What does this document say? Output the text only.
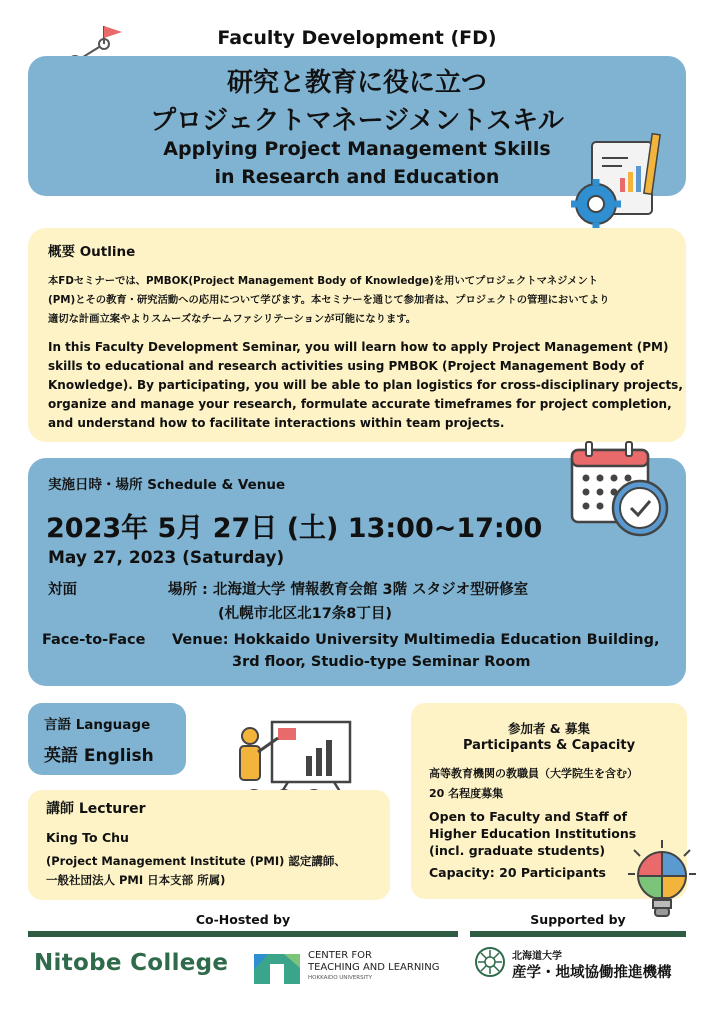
Faculty Development (FD)
研究と教育に役に立つ
プロジェクトマネージメントスキル
Applying Project Management Skills
in Research and Education
概要 Outline
本FDセミナーでは、PMBOK(Project Management Body of Knowledge)を用いてプロジェクトマネジメント
(PM)とその教育・研究活動への応用について学びます。本セミナーを通じて参加者は、プロジェクトの管理においてより
適切な計画立案やよりスムーズなチームファシリテーションが可能になります。
In this Faculty Development Seminar, you will learn how to apply Project Management (PM)
skills to educational and research activities using PMBOK (Project Management Body of
Knowledge). By participating, you will be able to plan logistics for cross-disciplinary projects,
organize and manage your research, formulate accurate timeframes for project completion,
and understand how to facilitate interactions within team projects.
実施日時・場所 Schedule & Venue
2023年 5月 27日 (土) 13:00~17:00
May 27, 2023 (Saturday)
対面	場所 : 北海道大学 情報教育会館 3階 スタジオ型研修室
(札幌市北区北17条8丁目)
Face-to-Face Venue: Hokkaido University Multimedia Education Building,
3rd floor, Studio-type Seminar Room
言語 Language
英語 English
講師 Lecturer
King To Chu
(Project Management Institute (PMI) 認定講師、
一般社団法人 PMI 日本支部 所属)
参加者 & 募集
Participants & Capacity
高等教育機関の教職員（大学院生を含む）
20 名程度募集
Open to Faculty and Staff of
Higher Education Institutions
(incl. graduate students)
Capacity: 20 Participants
Co-Hosted by	Supported by
Nitobe College	CENTER FOR
TEACHING AND LEARNING
HOKKAIDO UNIVERSITY
北海道大学
産学・地域協働推進機構
